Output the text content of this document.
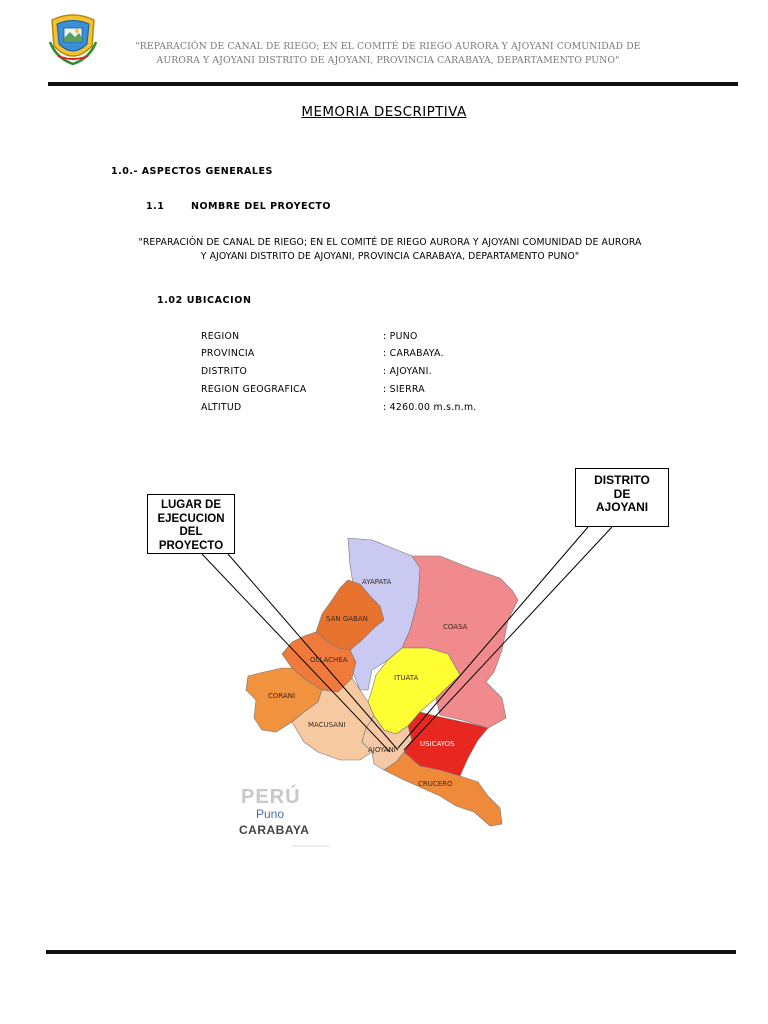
"REPARACIÓN DE CANAL DE RIEGO; EN EL COMITÉ DE RIEGO AURORA Y AJOYANI COMUNIDAD DE
AURORA Y AJOYANI DISTRITO DE AJOYANI, PROVINCIA CARABAYA, DEPARTAMENTO PUNO"
MEMORIA DESCRIPTIVA
1.0.- ASPECTOS GENERALES
1.1	NOMBRE DEL PROYECTO
"REPARACIÒN DE CANAL DE RIEGO; EN EL COMITÉ DE RIEGO AURORA Y AJOYANI COMUNIDAD DE AURORA
Y AJOYANI DISTRITO DE AJOYANI, PROVINCIA CARABAYA, DEPARTAMENTO PUNO"
1.02 UBICACION
REGION	: PUNO
PROVINCIA	: CARABAYA.
DISTRITO	: AJOYANI.
REGION GEOGRAFICA	: SIERRA
ALTITUD	: 4260.00 m.s.n.m.
AYAPATA
COASA
SAN GABAN
OLLACHEA
ITUATA
CORANI
MACUSANI
AJOYANI
USICAYOS
CRUCERO
LUGAR DE
EJECUCION
DEL
PROYECTO
DISTRITO
DE
AJOYANI
PERÚ
Puno
CARABAYA
